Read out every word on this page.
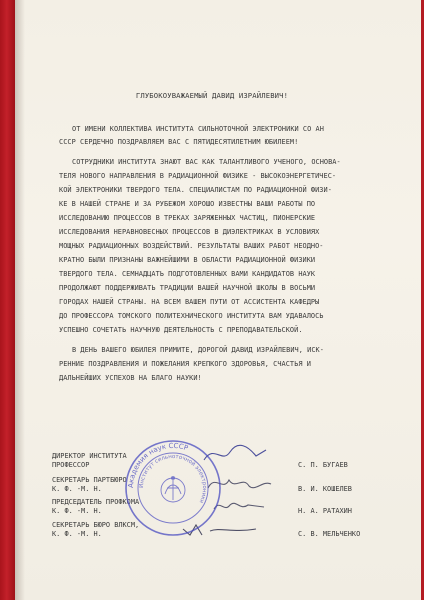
ГЛУБОКОУВАЖАЕМЫЙ ДАВИД ИЗРАЙЛЕВИЧ!
ОТ ИМЕНИ КОЛЛЕКТИВА ИНСТИТУТА СИЛЬНОТОЧНОЙ ЭЛЕКТРОНИКИ СО АН
СССР СЕРДЕЧНО ПОЗДРАВЛЯЕМ ВАС С ПЯТИДЕСЯТИЛЕТНИМ ЮБИЛЕЕМ!
СОТРУДНИКИ ИНСТИТУТА ЗНАЮТ ВАС КАК ТАЛАНТЛИВОГО УЧЕНОГО, ОСНОВА-
ТЕЛЯ НОВОГО НАПРАВЛЕНИЯ В РАДИАЦИОННОЙ ФИЗИКЕ - ВЫСОКОЭНЕРГЕТИЧЕС-
КОЙ ЭЛЕКТРОНИКИ ТВЕРДОГО ТЕЛА. СПЕЦИАЛИСТАМ ПО РАДИАЦИОННОЙ ФИЗИ-
КЕ В НАШЕЙ СТРАНЕ И ЗА РУБЕЖОМ ХОРОШО ИЗВЕСТНЫ ВАШИ РАБОТЫ ПО
ИССЛЕДОВАНИЮ ПРОЦЕССОВ В ТРЕКАХ ЗАРЯЖЕННЫХ ЧАСТИЦ, ПИОНЕРСКИЕ
ИССЛЕДОВАНИЯ НЕРАВНОВЕСНЫХ ПРОЦЕССОВ В ДИЭЛЕКТРИКАХ В УСЛОВИЯХ
МОЩНЫХ РАДИАЦИОННЫХ ВОЗДЕЙСТВИЙ. РЕЗУЛЬТАТЫ ВАШИХ РАБОТ НЕОДНО-
КРАТНО БЫЛИ ПРИЗНАНЫ ВАЖНЕЙШИМИ В ОБЛАСТИ РАДИАЦИОННОЙ ФИЗИКИ
ТВЕРДОГО ТЕЛА. СЕМНАДЦАТЬ ПОДГОТОВЛЕННЫХ ВАМИ КАНДИДАТОВ НАУК
ПРОДОЛЖАЮТ ПОДДЕРЖИВАТЬ ТРАДИЦИИ ВАШЕЙ НАУЧНОЙ ШКОЛЫ В ВОСЬМИ
ГОРОДАХ НАШЕЙ СТРАНЫ. НА ВСЕМ ВАШЕМ ПУТИ ОТ АССИСТЕНТА КАФЕДРЫ
ДО ПРОФЕССОРА ТОМСКОГО ПОЛИТЕХНИЧЕСКОГО ИНСТИТУТА ВАМ УДАВАЛОСЬ
УСПЕШНО СОЧЕТАТЬ НАУЧНУЮ ДЕЯТЕЛЬНОСТЬ С ПРЕПОДАВАТЕЛЬСКОЙ.
В ДЕНЬ ВАШЕГО ЮБИЛЕЯ ПРИМИТЕ, ДОРОГОЙ ДАВИД ИЗРАЙЛЕВИЧ, ИСК-
РЕННИЕ ПОЗДРАВЛЕНИЯ И ПОЖЕЛАНИЯ КРЕПКОГО ЗДОРОВЬЯ, СЧАСТЬЯ И
ДАЛЬНЕЙШИХ УСПЕХОВ НА БЛАГО НАУКИ!
ДИРЕКТОР ИНСТИТУТА
ПРОФЕССОР	С. П. БУГАЕВ
СЕКРЕТАРЬ ПАРТБЮРО
К. Ф. -М. Н.	В. И. КОШЕЛЕВ
ПРЕДСЕДАТЕЛЬ ПРОФКОМА
К. Ф. -М. Н.	Н. А. РАТАХИН
СЕКРЕТАРЬ БЮРО ВЛКСМ,
К. Ф. -М. Н.	С. В. МЕЛЬЧЕНКО
Академия наук СССР
Институт сильноточной электроники
